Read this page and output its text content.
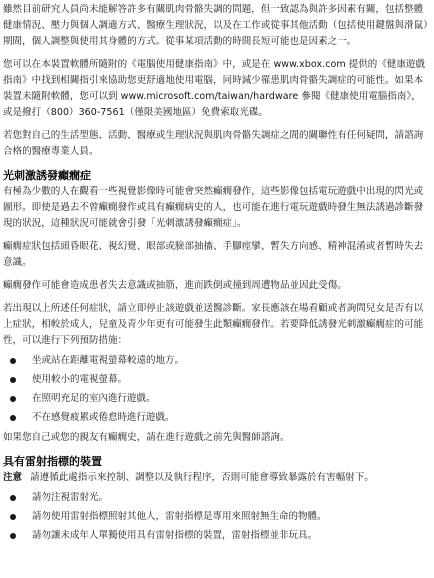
雖然目前研究人員尚未能解答許多有關肌肉骨骼失調的問題，但一致認為與許多因素有關，包括整體健康情況、壓力與個人調適方式、醫療生理狀況，以及在工作或從事其他活動（包括使用鍵盤與滑鼠）期間，個人調整與使用其身體的方式。從事某項活動的時間長短可能也是因素之一。

您可以在本裝置軟體所隨附的《電腦使用健康指南》中，或是在 www.xbox.com 提供的《健康遊戲指南》中找到相關指引來協助您更舒適地使用電腦，同時減少罹患肌肉骨骼失調症的可能性。如果本裝置未隨附軟體，您可以到 www.microsoft.com/taiwan/hardware 參閱《健康使用電腦指南》，或是撥打（800）360-7561（僅限美國地區）免費索取光碟。

若您對自己的生活型態、活動、醫療或生理狀況與肌肉骨骼失調症之間的關聯性有任何疑問，請諮詢合格的醫療專業人員。

光刺激誘發癲癇症

有極為少數的人在觀看一些視覺影像時可能會突然癲癇發作，這些影像包括電玩遊戲中出現的閃光或圖形。即使是過去不曾癲癇發作或具有癲癇病史的人，也可能在進行電玩遊戲時發生無法誘過診斷發現的狀況，這種狀況可能就會引發「光刺激誘發癲癇症」。

癲癇症狀包括頭昏眼花、視幻覺、眼部或臉部抽搐、手腳痙攣、暫失方向感、精神混淆或者暫時失去意識。

癲癇發作可能會造成患者失去意識或抽筋，進而跌倒或撞到周遭物品並因此受傷。

若出現以上所述任何症狀，請立即停止該遊戲並送醫診斷。家長應該在場看顧或者詢問兒女是否有以上症狀，相較於成人，兒童及青少年更有可能發生此類癲癇發作。若要降低誘發光刺激癲癇症的可能性，可以進行下列預防措施：

坐或站在距離電視螢幕較遠的地方。
使用較小的電視螢幕。
在照明充足的室內進行遊戲。
不在感覺疲累或倦怠時進行遊戲。

如果您自己或您的親友有癲癇史，請在進行遊戲之前先與醫師諮詢。

具有雷射指標的裝置

注意 請遵循此處指示來控制、調整以及執行程序，否則可能會導致暴露於有害輻射下。

請勿注視雷射光。
請勿使用雷射指標照射其他人，雷射指標是專用來照射無生命的物體。
請勿讓未成年人單獨使用具有雷射指標的裝置，雷射指標並非玩具。
